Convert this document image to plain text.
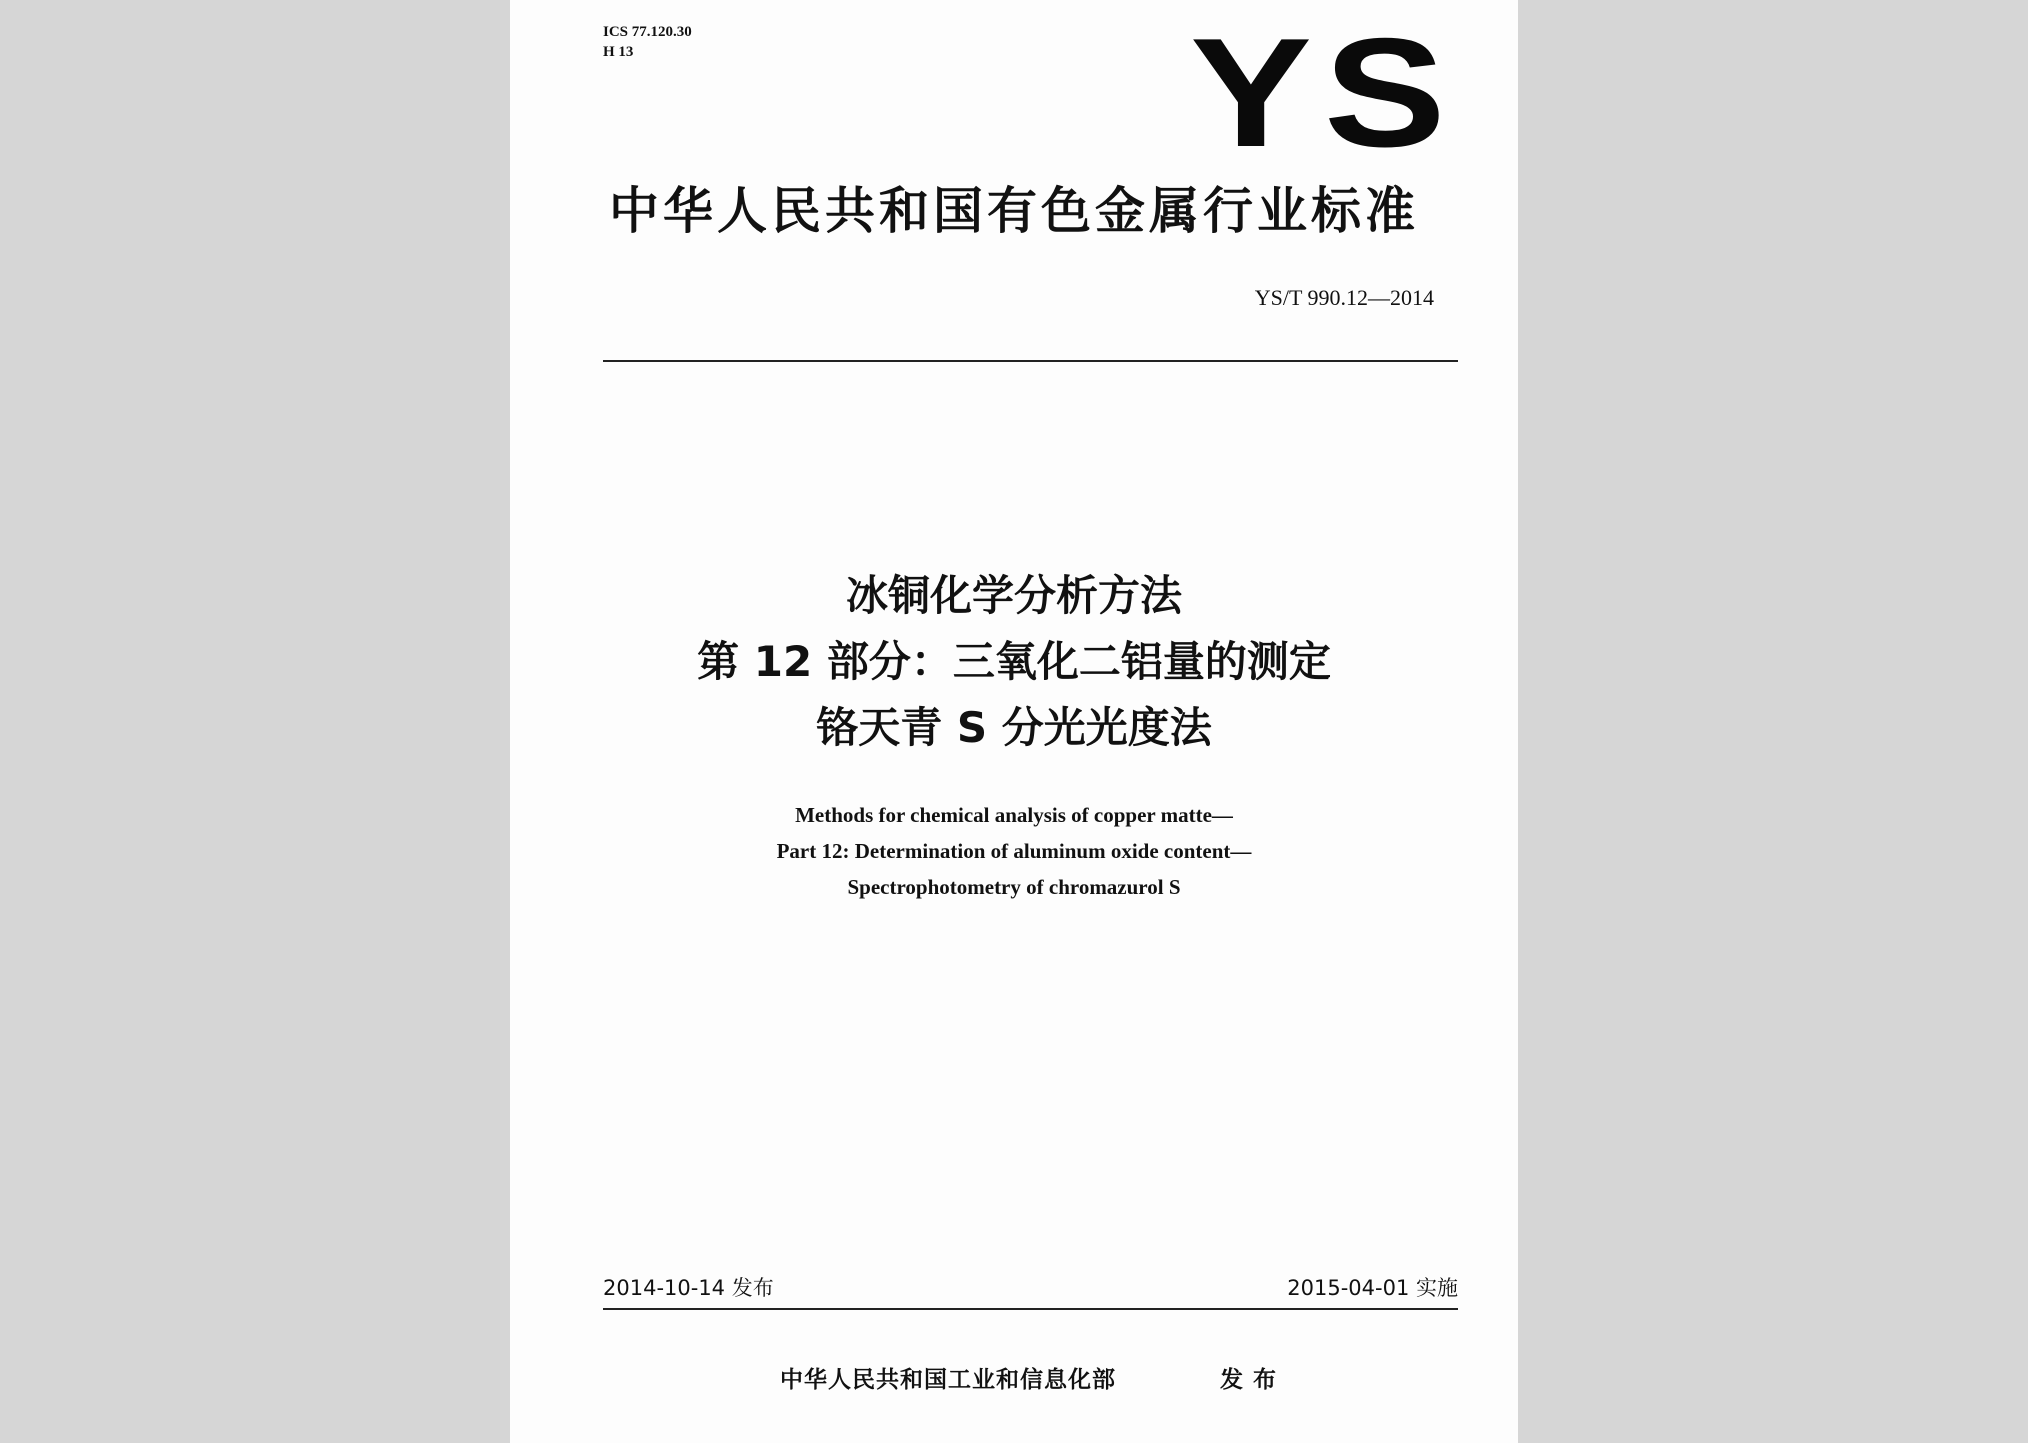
ICS 77.120.30
H 13	YS
中华人民共和国有色金属行业标准
YS/T 990.12—2014
冰铜化学分析方法
第 12 部分：三氧化二铝量的测定
铬天青 S 分光光度法
Methods for chemical analysis of copper matte—
Part 12: Determination of aluminum oxide content—
Spectrophotometry of chromazurol S
2014-10-14 发布	2015-04-01 实施
中华人民共和国工业和信息化部	发布
